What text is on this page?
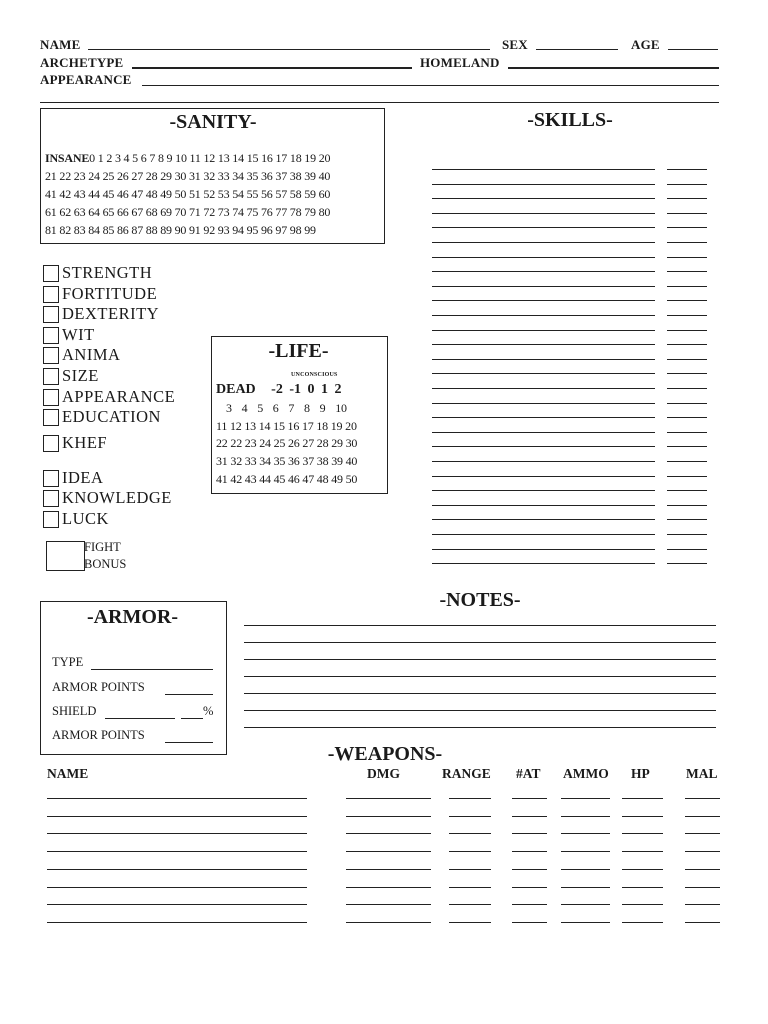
NAME	SEX	AGE
ARCHETYPE	HOMELAND
APPEARANCE
-SANITY-
INSANE0 1 2 3 4 5 6 7 8 9 10 11 12 13 14 15 16 17 18 19 20
21 22 23 24 25 26 27 28 29 30 31 32 33 34 35 36 37 38 39 40
41 42 43 44 45 46 47 48 49 50 51 52 53 54 55 56 57 58 59 60
61 62 63 64 65 66 67 68 69 70 71 72 73 74 75 76 77 78 79 80
81 82 83 84 85 86 87 88 89 90 91 92 93 94 95 96 97 98 99
-SKILLS-
STRENGTH
FORTITUDE
DEXTERITY
WIT
ANIMA
SIZE
APPEARANCE
EDUCATION
KHEF
IDEA
KNOWLEDGE
LUCK
FIGHT
BONUS
-LIFE-
UNCONSCIOUS
DEAD -2 -1 0 1 2
3 4 5 6 7 8 9 10
11 12 13 14 15 16 17 18 19 20
22 22 23 24 25 26 27 28 29 30
31 32 33 34 35 36 37 38 39 40
41 42 43 44 45 46 47 48 49 50
-ARMOR-
TYPE
ARMOR POINTS
SHIELD	%
ARMOR POINTS
-NOTES-
-WEAPONS-
NAME	DMG	RANGE #AT AMMO HP	MAL
